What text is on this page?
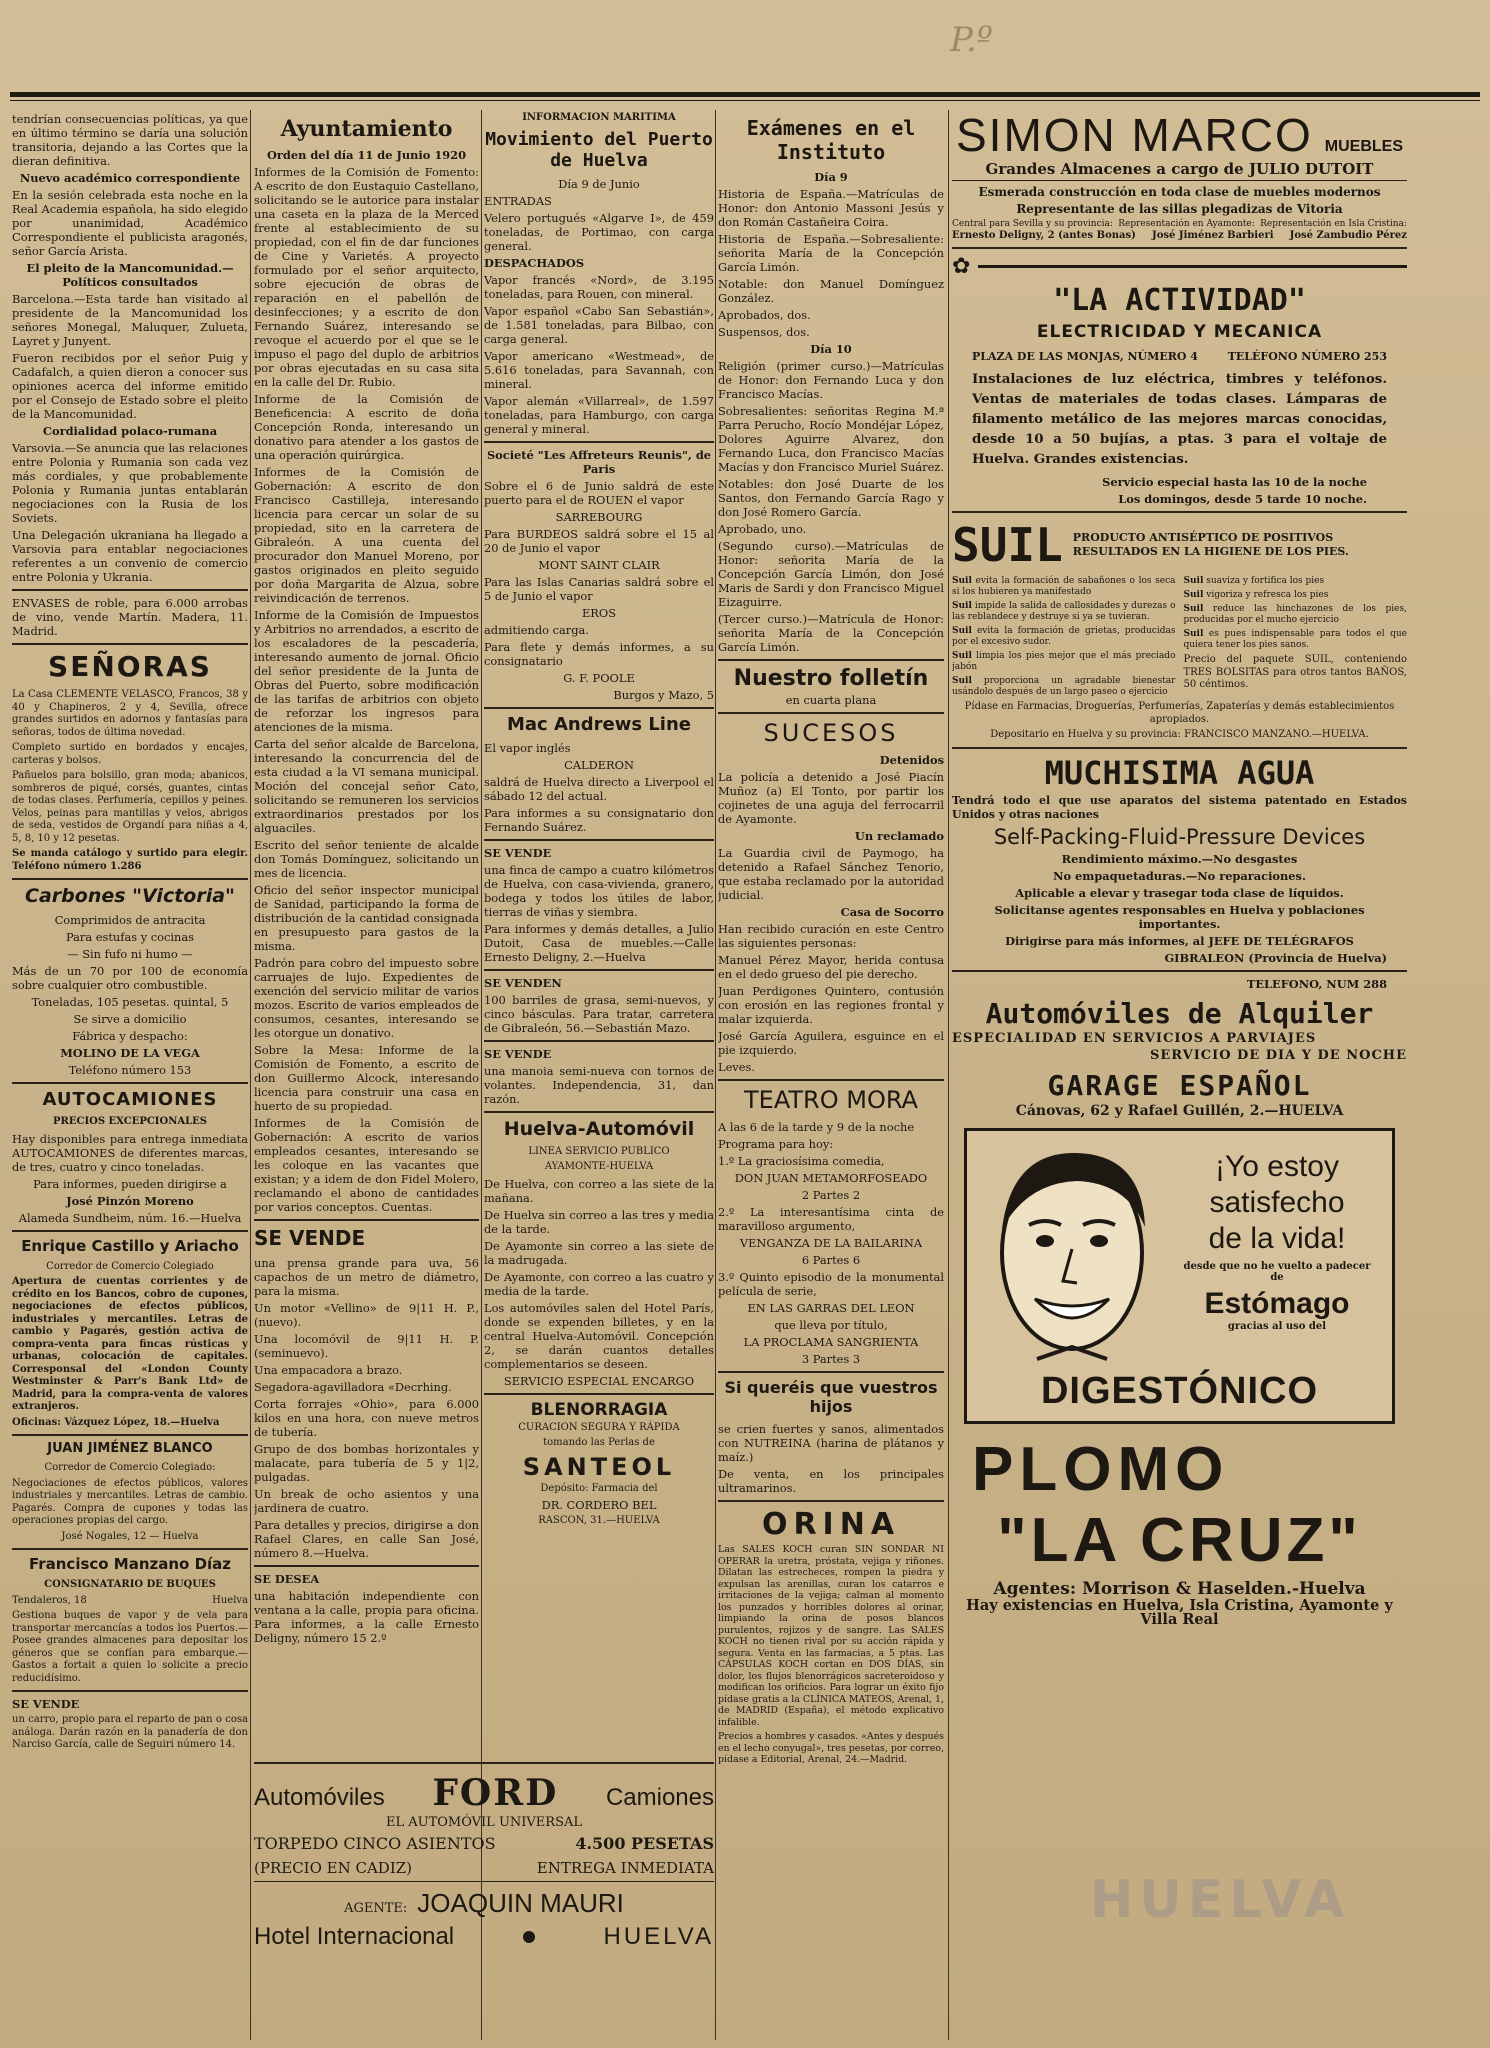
P.º

tendrían consecuencias políticas, ya que en último término se daría una solución transitoria, dejando a las Cortes que la dieran definitiva.

Nuevo académico correspondiente

En la sesión celebrada esta noche en la Real Academia española, ha sido elegido por unanimidad, Académico Correspondiente el publicista aragonés, señor García Arista.

El pleito de la Mancomunidad.—Políticos consultados

Barcelona.—Esta tarde han visitado al presidente de la Mancomunidad los señores Monegal, Maluquer, Zulueta, Layret y Junyent.

Fueron recibidos por el señor Puig y Cadafalch, a quien dieron a conocer sus opiniones acerca del informe emitido por el Consejo de Estado sobre el pleito de la Mancomunidad.

Cordialidad polaco-rumana

Varsovia.—Se anuncia que las relaciones entre Polonia y Rumania son cada vez más cordiales, y que probablemente Polonia y Rumania juntas entablarán negociaciones con la Rusia de los Soviets.

Una Delegación ukraniana ha llegado a Varsovia para entablar negociaciones referentes a un convenio de comercio entre Polonia y Ukrania.

ENVASES de roble, para 6.000 arrobas de vino, vende Martín. Madera, 11. Madrid.

SEÑORAS

La Casa CLEMENTE VELASCO, Francos, 38 y 40 y Chapineros, 2 y 4, Sevilla, ofrece grandes surtidos en adornos y fantasías para señoras, todos de última novedad.

Completo surtido en bordados y encajes, carteras y bolsos.

Pañuelos para bolsillo, gran moda; abanicos, sombreros de piqué, corsés, guantes, cintas de todas clases. Perfumería, cepillos y peines. Velos, peinas para mantillas y velos, abrigos de seda, vestidos de Organdí para niñas a 4, 5, 8, 10 y 12 pesetas.

Se manda catálogo y surtido para elegir. Teléfono número 1.286

Carbones "Victoria"

Comprimidos de antracita

Para estufas y cocinas

— Sin fufo ni humo —

Más de un 70 por 100 de economía sobre cualquier otro combustible.

Toneladas, 105 pesetas. quintal, 5

Se sirve a domicilio

Fábrica y despacho:

MOLINO DE LA VEGA

Teléfono número 153

AUTOCAMIONES

PRECIOS EXCEPCIONALES

Hay disponibles para entrega inmediata AUTOCAMIONES de diferentes marcas, de tres, cuatro y cinco toneladas.

Para informes, pueden dirigirse a

José Pinzón Moreno

Alameda Sundheim, núm. 16.—Huelva

Enrique Castillo y Ariacho

Corredor de Comercio Colegiado

Apertura de cuentas corrientes y de crédito en los Bancos, cobro de cupones, negociaciones de efectos públicos, industriales y mercantiles. Letras de cambio y Pagarés, gestión activa de compra-venta para fincas rústicas y urbanas, colocación de capitales. Corresponsal del «London County Westminster & Parr's Bank Ltd» de Madrid, para la compra-venta de valores extranjeros.

Oficinas: Vázquez López, 18.—Huelva

JUAN JIMÉNEZ BLANCO

Corredor de Comercio Colegiado:

Negociaciones de efectos públicos, valores industriales y mercantiles. Letras de cambio. Pagarés. Compra de cupones y todas las operaciones propias del cargo.

José Nogales, 12 — Huelva

Francisco Manzano Díaz

CONSIGNATARIO DE BUQUES

Tendaleros, 18	Huelva

Gestiona buques de vapor y de vela para transportar mercancías a todos los Puertos.—Posee grandes almacenes para depositar los géneros que se confían para embarque.—Gastos a fortait a quien lo solicite a precio reducidísimo.

SE VENDE

un carro, propio para el reparto de pan o cosa análoga. Darán razón en la panadería de don Narciso García, calle de Seguiri número 14.

Ayuntamiento

Orden del día 11 de Junio 1920

Informes de la Comisión de Fomento: A escrito de don Eustaquio Castellano, solicitando se le autorice para instalar una caseta en la plaza de la Merced frente al establecimiento de su propiedad, con el fin de dar funciones de Cine y Varietés. A proyecto formulado por el señor arquitecto, sobre ejecución de obras de reparación en el pabellón de desinfecciones; y a escrito de don Fernando Suárez, interesando se revoque el acuerdo por el que se le impuso el pago del duplo de arbitrios por obras ejecutadas en su casa sita en la calle del Dr. Rubio.

Informe de la Comisión de Beneficencia: A escrito de doña Concepción Ronda, interesando un donativo para atender a los gastos de una operación quirúrgica.

Informes de la Comisión de Gobernación: A escrito de don Francisco Castilleja, interesando licencia para cercar un solar de su propiedad, sito en la carretera de Gibraleón. A una cuenta del procurador don Manuel Moreno, por gastos originados en pleito seguido por doña Margarita de Alzua, sobre reivindicación de terrenos.

Informe de la Comisión de Impuestos y Arbitrios no arrendados, a escrito de los escaladores de la pescadería, interesando aumento de jornal. Oficio del señor presidente de la Junta de Obras del Puerto, sobre modificación de las tarifas de arbitrios con objeto de reforzar los ingresos para atenciones de la misma.

Carta del señor alcalde de Barcelona, interesando la concurrencia del de esta ciudad a la VI semana municipal. Moción del concejal señor Cato, solicitando se remuneren los servicios extraordinarios prestados por los alguaciles.

Escrito del señor teniente de alcalde don Tomás Domínguez, solicitando un mes de licencia.

Oficio del señor inspector municipal de Sanidad, participando la forma de distribución de la cantidad consignada en presupuesto para gastos de la misma.

Padrón para cobro del impuesto sobre carruajes de lujo. Expedientes de exención del servicio militar de varios mozos. Escrito de varios empleados de consumos, cesantes, interesando se les otorgue un donativo.

Sobre la Mesa: Informe de la Comisión de Fomento, a escrito de don Guillermo Alcock, interesando licencia para construir una casa en huerto de su propiedad.

Informes de la Comisión de Gobernación: A escrito de varios empleados cesantes, interesando se les coloque en las vacantes que existan; y a idem de don Fidel Molero, reclamando el abono de cantidades por varios conceptos. Cuentas.

SE VENDE

una prensa grande para uva, 56 capachos de un metro de diámetro, para la misma.

Un motor «Vellino» de 9|11 H. P., (nuevo).

Una locomóvil de 9|11 H. P. (seminuevo).

Una empacadora a brazo.

Segadora-agavilladora «Decrhing.

Corta forrajes «Ohio», para 6.000 kilos en una hora, con nueve metros de tubería.

Grupo de dos bombas horizontales y malacate, para tubería de 5 y 1|2, pulgadas.

Un break de ocho asientos y una jardinera de cuatro.

Para detalles y precios, dirigirse a don Rafael Clares, en calle San José, número 8.—Huelva.

SE DESEA

una habitación independiente con ventana a la calle, propia para oficina. Para informes, a la calle Ernesto Deligny, número 15 2.º

INFORMACIÓN MARÍTIMA

Movimiento del Puerto de Huelva

Día 9 de Junio

ENTRADAS

Velero portugués «Algarve I», de 459 toneladas, de Portimao, con carga general.

DESPACHADOS

Vapor francés «Nord», de 3.195 toneladas, para Rouen, con mineral.

Vapor español «Cabo San Sebastián», de 1.581 toneladas, para Bilbao, con carga general.

Vapor americano «Westmead», de 5.616 toneladas, para Savannah, con mineral.

Vapor alemán «Villarreal», de 1.597 toneladas, para Hamburgo, con carga general y mineral.

Societé "Les Affreteurs Reunis", de Paris

Sobre el 6 de Junio saldrá de este puerto para el de ROUEN el vapor

SARREBOURG

Para BURDEOS saldrá sobre el 15 al 20 de Junio el vapor

MONT SAINT CLAIR

Para las Islas Canarias saldrá sobre el 5 de Junio el vapor

EROS

admitiendo carga.

Para flete y demás informes, a su consignatario

G. F. POOLE

Burgos y Mazo, 5

Mac Andrews Line

El vapor inglés

CALDERON

saldrá de Huelva directo a Liverpool el sábado 12 del actual.

Para informes a su consignatario don Fernando Suárez.

SE VENDE

una finca de campo a cuatro kilómetros de Huelva, con casa-vivienda, granero, bodega y todos los útiles de labor, tierras de viñas y siembra.

Para informes y demás detalles, a Julio Dutoit, Casa de muebles.—Calle Ernesto Deligny, 2.—Huelva

SE VENDEN

100 barriles de grasa, semi-nuevos, y cinco básculas. Para tratar, carretera de Gibraleón, 56.—Sebastián Mazo.

SE VENDE

una manoia semi-nueva con tornos de volantes. Independencia, 31, dan razón.

Huelva-Automóvil

LINEA SERVICIO PUBLICO

AYAMONTE-HUELVA

De Huelva, con correo a las siete de la mañana.

De Huelva sin correo a las tres y media de la tarde.

De Ayamonte sin correo a las siete de la madrugada.

De Ayamonte, con correo a las cuatro y media de la tarde.

Los automóviles salen del Hotel París, donde se expenden billetes, y en la central Huelva-Automóvil. Concepción 2, se darán cuantos detalles complementarios se deseen.

SERVICIO ESPECIAL ENCARGO

BLENORRAGIA

CURACION SEGURA Y RÁPIDA

tomando las Perlas de

SANTEOL

Depósito: Farmacia del

DR. CORDERO BEL

RASCON, 31.—HUELVA

Exámenes en el Instituto

Día 9

Historia de España.—Matrículas de Honor: don Antonio Massoni Jesús y don Román Castañeira Coira.

Historia de España.—Sobresaliente: señorita María de la Concepción García Limón.

Notable: don Manuel Domínguez González.

Aprobados, dos.

Suspensos, dos.

Día 10

Religión (primer curso.)—Matrículas de Honor: don Fernando Luca y don Francisco Macías.

Sobresalientes: señoritas Regina M.ª Parra Perucho, Rocío Mondéjar López, Dolores Aguirre Alvarez, don Fernando Luca, don Francisco Macías Macías y don Francisco Muriel Suárez.

Notables: don José Duarte de los Santos, don Fernando García Rago y don José Romero García.

Aprobado, uno.

(Segundo curso).—Matrículas de Honor: señorita María de la Concepción García Limón, don José Maris de Sardi y don Francisco Miguel Eizaguirre.

(Tercer curso.)—Matrícula de Honor: señorita María de la Concepción García Limón.

Nuestro folletín

en cuarta plana

SUCESOS

Detenidos

La policía a detenido a José Piacín Muñoz (a) El Tonto, por partir los cojinetes de una aguja del ferrocarril de Ayamonte.

Un reclamado

La Guardia civil de Paymogo, ha detenido a Rafael Sánchez Tenorio, que estaba reclamado por la autoridad judicial.

Casa de Socorro

Han recibido curación en este Centro las siguientes personas:

Manuel Pérez Mayor, herida contusa en el dedo grueso del pie derecho.

Juan Perdigones Quintero, contusión con erosión en las regiones frontal y malar izquierda.

José García Aguilera, esguince en el pie izquierdo.

Leves.

TEATRO MORA

A las 6 de la tarde y 9 de la noche

Programa para hoy:

1.º La graciosísima comedia,

DON JUAN METAMORFOSEADO

2 Partes 2

2.º La interesantísima cinta de maravilloso argumento,

VENGANZA DE LA BAILARINA

6 Partes 6

3.º Quinto episodio de la monumental película de serie,

EN LAS GARRAS DEL LEON

que lleva por título,

LA PROCLAMA SANGRIENTA

3 Partes 3

Si queréis que vuestros hijos

se crien fuertes y sanos, alimentados con NUTREINA (harina de plátanos y maíz.)

De venta, en los principales ultramarinos.

ORINA

Las SALES KOCH curan SIN SONDAR NI OPERAR la uretra, próstata, vejiga y riñones. Dilatan las estrecheces, rompen la piedra y expulsan las arenillas, curan los catarros e irritaciones de la vejiga; calman al momento los punzados y horribles dolores al orinar, limpiando la orina de posos blancos purulentos, rojizos y de sangre. Las SALES KOCH no tienen rival por su acción rápida y segura. Venta en las farmacias, a 5 ptas. Las CÁPSULAS KOCH cortan en DOS DÍAS, sin dolor, los flujos blenorrágicos sacreteroidoso y modifican los orificios. Para lograr un éxito fijo pídase gratis a la CLÍNICA MATEOS, Arenal, 1, de MADRID (España), el método explicativo infalible.

Precios a hombres y casados. «Antes y después en el lecho conyugal», tres pesetas, por correo, pídase a Editorial, Arenal, 24.—Madrid.

Automóviles FORD Camiones

EL AUTOMÓVIL UNIVERSAL

TORPEDO CINCO ASIENTOS	4.500 PESETAS
(PRECIO EN CADIZ)	ENTREGA INMEDIATA
AGENTE: JOAQUIN MAURI
Hotel Internacional	HUELVA
SIMON MARCO MUEBLES

Grandes Almacenes a cargo de JULIO DUTOIT

Esmerada construcción en toda clase de muebles modernos

Representante de las sillas plegadizas de Vitoria

Central para Sevilla y su provincia: Representación en Ayamonte: Representación en Isla Cristina:
Ernesto Deligny, 2 (antes Bonas) José Jiménez Barbieri José Zambudio Pérez
✿
"LA ACTIVIDAD"
ELECTRICIDAD Y MECANICA
PLAZA DE LAS MONJAS, NÚMERO 4	TELÉFONO NÚMERO 253

Instalaciones de luz eléctrica, timbres y teléfonos. Ventas de materiales de todas clases. Lámparas de filamento metálico de las mejores marcas conocidas, desde 10 a 50 bujías, a ptas. 3 para el voltaje de Huelva. Grandes existencias.

Servicio especial hasta las 10 de la noche

Los domingos, desde 5 tarde 10 noche.

SUIL PRODUCTO ANTISÉPTICO DE POSITIVOS RESULTADOS EN LA HIGIENE DE LOS PIES.

Suil evita la formación de sabañones o los seca si los hubieren ya manifestado

Suil impide la salida de callosidades y durezas o las reblandece y destruye si ya se tuvieran.

Suil evita la formación de grietas, producidas por el excesivo sudor.

Suil limpia los pies mejor que el más preciado jabón

Suil proporciona un agradable bienestar usándolo después de un largo paseo o ejercicio

Suil suaviza y fortifica los pies

Suil vigoriza y refresca los pies

Suil reduce las hinchazones de los pies, producidas por el mucho ejercicio

Suil es pues indispensable para todos el que quiera tener los pies sanos.

Precio del paquete SUIL, conteniendo TRES BOLSITAS para otros tantos BAÑOS, 50 céntimos.

Pídase en Farmacias, Droguerías, Perfumerías, Zapaterías y demás establecimientos apropiados.

Depositario en Huelva y su provincia: FRANCISCO MANZANO.—HUELVA.

MUCHISIMA AGUA

Tendrá todo el que use aparatos del sistema patentado en Estados Unidos y otras naciones

Self-Packing-Fluid-Pressure Devices

Rendimiento máximo.—No desgastes

No empaquetaduras.—No reparaciones.

Aplicable a elevar y trasegar toda clase de líquidos.

Solicitanse agentes responsables en Huelva y poblaciones importantes.

Dirigirse para más informes, al JEFE DE TELÉGRAFOS

GIBRALEON (Provincia de Huelva)

TELEFONO, NUM 288

Automóviles de Alquiler

ESPECIALIDAD EN SERVICIOS A PARVIAJES

SERVICIO DE DIA Y DE NOCHE

GARAGE ESPAÑOL

Cánovas, 62 y Rafael Guillén, 2.—HUELVA

¡Yo estoy
satisfecho
de la vida!
desde que no he vuelto a padecer de
Estómago
gracias al uso del
DIGESTÓNICO
PLOMO
"LA CRUZ"

Agentes: Morrison & Haselden.-Huelva

Hay existencias en Huelva, Isla Cristina, Ayamonte y Villa Real

HUELVA
